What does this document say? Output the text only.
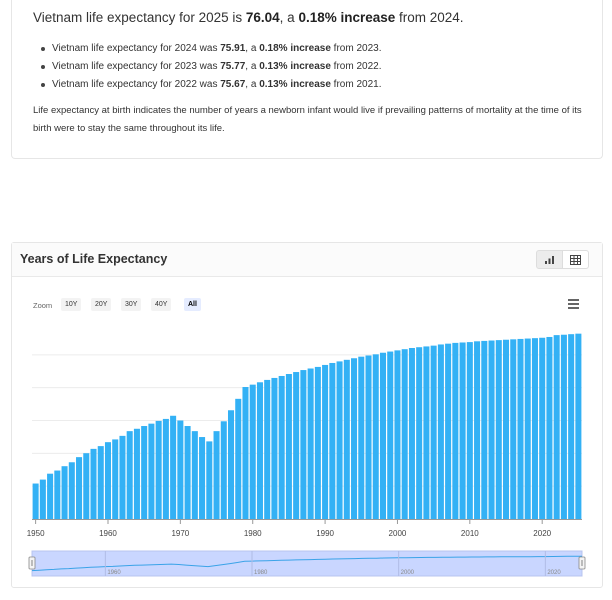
Vietnam life expectancy for 2025 is 76.04, a 0.18% increase from 2024.
Vietnam life expectancy for 2024 was 75.91, a 0.18% increase from 2023.
Vietnam life expectancy for 2023 was 75.77, a 0.13% increase from 2022.
Vietnam life expectancy for 2022 was 75.67, a 0.13% increase from 2021.
Life expectancy at birth indicates the number of years a newborn infant would live if prevailing patterns of mortality at the time of its birth were to stay the same throughout its life.
Years of Life Expectancy
Zoom	10Y	20Y	30Y	40Y	All
1950	1960	1970	1980	1990	2000	2010	2020
1960	1980	2000	2020
